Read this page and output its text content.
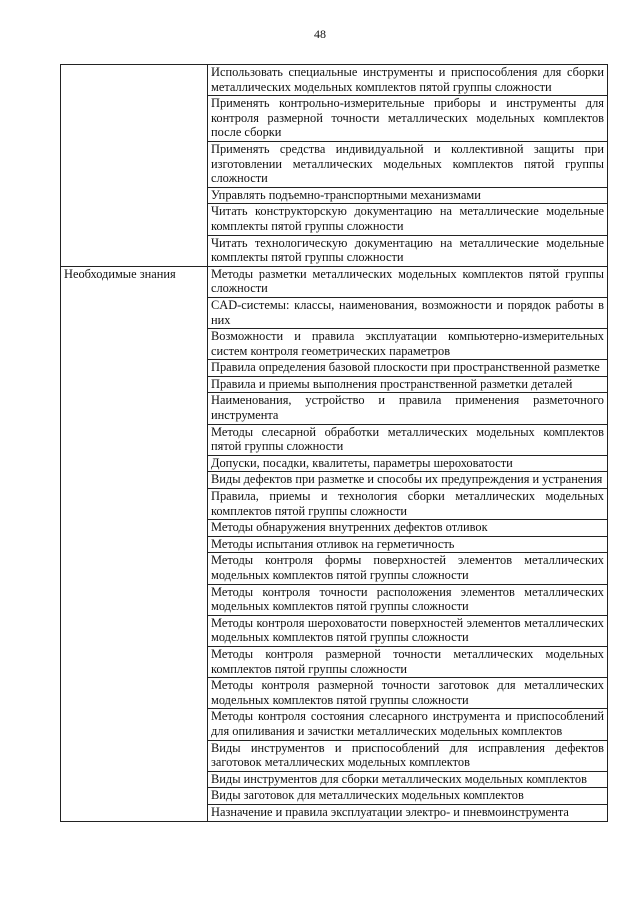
48
	Использовать специальные инструменты и приспособления для сборки металлических модельных комплектов пятой группы сложности
	Применять контрольно-измерительные приборы и инструменты для контроля размерной точности металлических модельных комплектов после сборки
	Применять средства индивидуальной и коллективной защиты при изготовлении металлических модельных комплектов пятой группы сложности
	Управлять подъемно-транспортными механизмами
	Читать конструкторскую документацию на металлические модельные комплекты пятой группы сложности
	Читать технологическую документацию на металлические модельные комплекты пятой группы сложности
Необходимые знания	Методы разметки металлических модельных комплектов пятой группы сложности
	CAD-системы: классы, наименования, возможности и порядок работы в них
	Возможности и правила эксплуатации компьютерно-измерительных систем контроля геометрических параметров
	Правила определения базовой плоскости при пространственной разметке
	Правила и приемы выполнения пространственной разметки деталей
	Наименования, устройство и правила применения разметочного инструмента
	Методы слесарной обработки металлических модельных комплектов пятой группы сложности
	Допуски, посадки, квалитеты, параметры шероховатости
	Виды дефектов при разметке и способы их предупреждения и устранения
	Правила, приемы и технология сборки металлических модельных комплектов пятой группы сложности
	Методы обнаружения внутренних дефектов отливок
	Методы испытания отливок на герметичность
	Методы контроля формы поверхностей элементов металлических модельных комплектов пятой группы сложности
	Методы контроля точности расположения элементов металлических модельных комплектов пятой группы сложности
	Методы контроля шероховатости поверхностей элементов металлических модельных комплектов пятой группы сложности
	Методы контроля размерной точности металлических модельных комплектов пятой группы сложности
	Методы контроля размерной точности заготовок для металлических модельных комплектов пятой группы сложности
	Методы контроля состояния слесарного инструмента и приспособлений для опиливания и зачистки металлических модельных комплектов
	Виды инструментов и приспособлений для исправления дефектов заготовок металлических модельных комплектов
	Виды инструментов для сборки металлических модельных комплектов
	Виды заготовок для металлических модельных комплектов
	Назначение и правила эксплуатации электро- и пневмоинструмента
